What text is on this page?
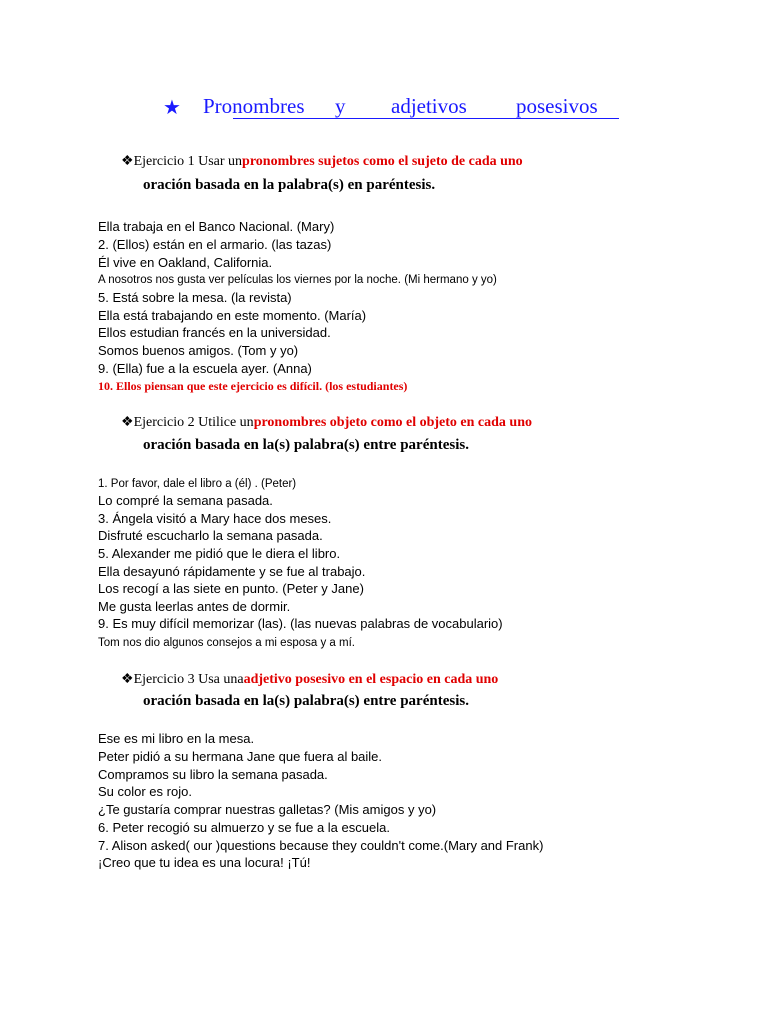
★ Pronombres y adjetivos posesivos
❖Ejercicio 1 Usar unpronombres sujetos como el sujeto de cada uno
oración basada en la palabra(s) en paréntesis.
Ella trabaja en el Banco Nacional. (Mary)
2. (Ellos) están en el armario. (las tazas)
Él vive en Oakland, California.
A nosotros nos gusta ver películas los viernes por la noche. (Mi hermano y yo)
5. Está sobre la mesa. (la revista)
Ella está trabajando en este momento. (María)
Ellos estudian francés en la universidad.
Somos buenos amigos. (Tom y yo)
9. (Ella) fue a la escuela ayer. (Anna)
10. Ellos piensan que este ejercicio es difícil. (los estudiantes)
❖Ejercicio 2 Utilice unpronombres objeto como el objeto en cada uno
oración basada en la(s) palabra(s) entre paréntesis.
1. Por favor, dale el libro a (él) . (Peter)
Lo compré la semana pasada.
3. Ángela visitó a Mary hace dos meses.
Disfruté escucharlo la semana pasada.
5. Alexander me pidió que le diera el libro.
Ella desayunó rápidamente y se fue al trabajo.
Los recogí a las siete en punto. (Peter y Jane)
Me gusta leerlas antes de dormir.
9. Es muy difícil memorizar (las). (las nuevas palabras de vocabulario)
Tom nos dio algunos consejos a mi esposa y a mí.
❖Ejercicio 3 Usa unaadjetivo posesivo en el espacio en cada uno
oración basada en la(s) palabra(s) entre paréntesis.
Ese es mi libro en la mesa.
Peter pidió a su hermana Jane que fuera al baile.
Compramos su libro la semana pasada.
Su color es rojo.
¿Te gustaría comprar nuestras galletas? (Mis amigos y yo)
6. Peter recogió su almuerzo y se fue a la escuela.
7. Alison asked( our )questions because they couldn't come.(Mary and Frank)
¡Creo que tu idea es una locura! ¡Tú!
